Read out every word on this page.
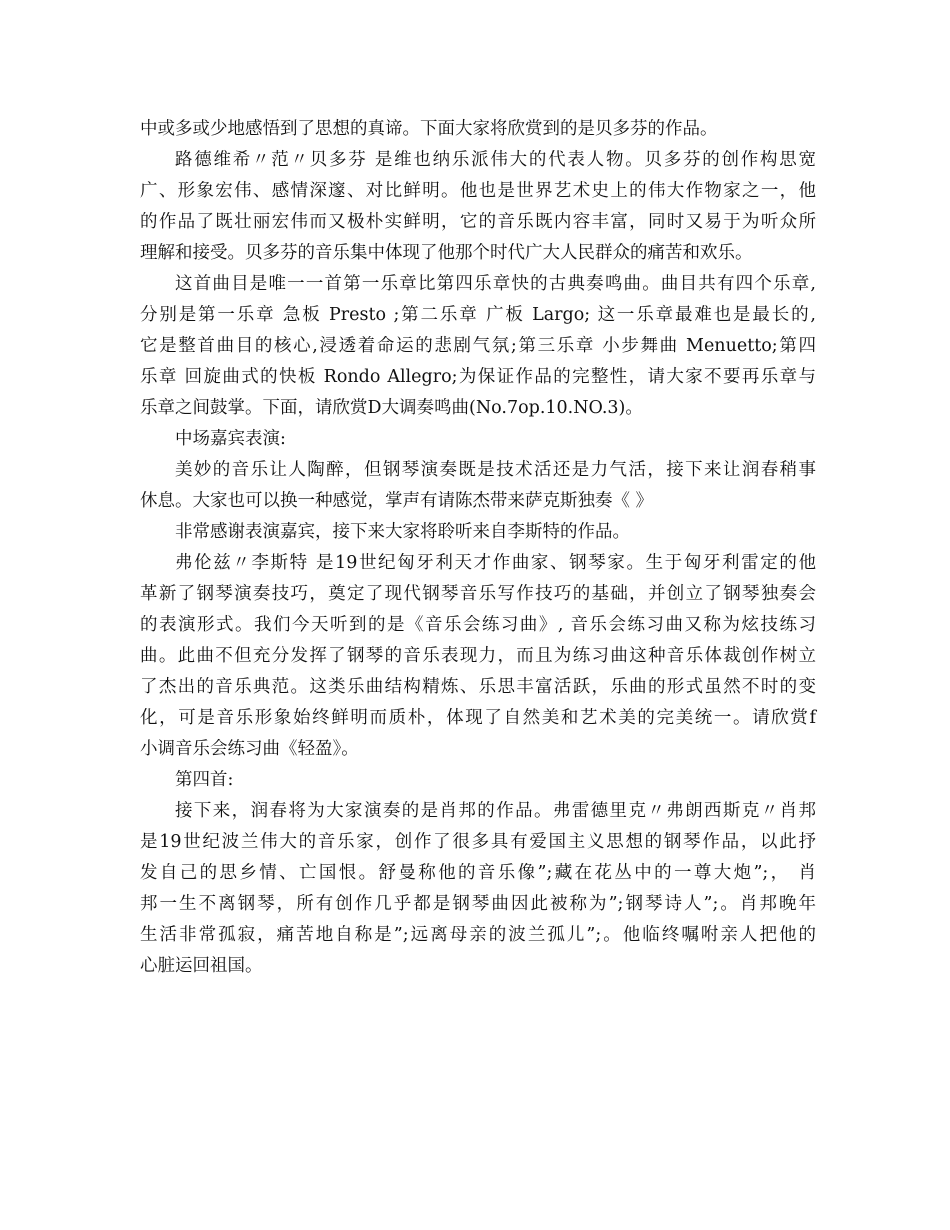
中或多或少地感悟到了思想的真谛。下面大家将欣赏到的是贝多芬的作品。
路德维希〃范〃贝多芬 是维也纳乐派伟大的代表人物。贝多芬的创作构思宽
广、形象宏伟、感情深邃、对比鲜明。他也是世界艺术史上的伟大作物家之一，他
的作品了既壮丽宏伟而又极朴实鲜明，它的音乐既内容丰富，同时又易于为听众所
理解和接受。贝多芬的音乐集中体现了他那个时代广大人民群众的痛苦和欢乐。
这首曲目是唯一一首第一乐章比第四乐章快的古典奏鸣曲。曲目共有四个乐章,
分别是第一乐章 急板 Presto ;第二乐章 广板 Largo; 这一乐章最难也是最长的,
它是整首曲目的核心,浸透着命运的悲剧气氛;第三乐章 小步舞曲 Menuetto;第四
乐章 回旋曲式的快板 Rondo Allegro;为保证作品的完整性，请大家不要再乐章与
乐章之间鼓掌。下面，请欣赏D大调奏鸣曲(No.7op.10.NO.3)。
中场嘉宾表演:
美妙的音乐让人陶醉，但钢琴演奏既是技术活还是力气活，接下来让润春稍事
休息。大家也可以换一种感觉，掌声有请陈杰带来萨克斯独奏《 》
非常感谢表演嘉宾，接下来大家将聆听来自李斯特的作品。
弗伦兹〃李斯特 是19世纪匈牙利天才作曲家、钢琴家。生于匈牙利雷定的他
革新了钢琴演奏技巧，奠定了现代钢琴音乐写作技巧的基础，并创立了钢琴独奏会
的表演形式。我们今天听到的是《音乐会练习曲》, 音乐会练习曲又称为炫技练习
曲。此曲不但充分发挥了钢琴的音乐表现力，而且为练习曲这种音乐体裁创作树立
了杰出的音乐典范。这类乐曲结构精炼、乐思丰富活跃，乐曲的形式虽然不时的变
化，可是音乐形象始终鲜明而质朴，体现了自然美和艺术美的完美统一。请欣赏f
小调音乐会练习曲《轻盈》。
第四首:
接下来，润春将为大家演奏的是肖邦的作品。弗雷德里克〃弗朗西斯克〃肖邦
是19世纪波兰伟大的音乐家，创作了很多具有爱国主义思想的钢琴作品，以此抒
发自己的思乡情、亡国恨。舒曼称他的音乐像”;藏在花丛中的一尊大炮”;， 肖
邦一生不离钢琴，所有创作几乎都是钢琴曲因此被称为”;钢琴诗人”;。肖邦晚年
生活非常孤寂，痛苦地自称是”;远离母亲的波兰孤儿”;。他临终嘱咐亲人把他的
心脏运回祖国。
